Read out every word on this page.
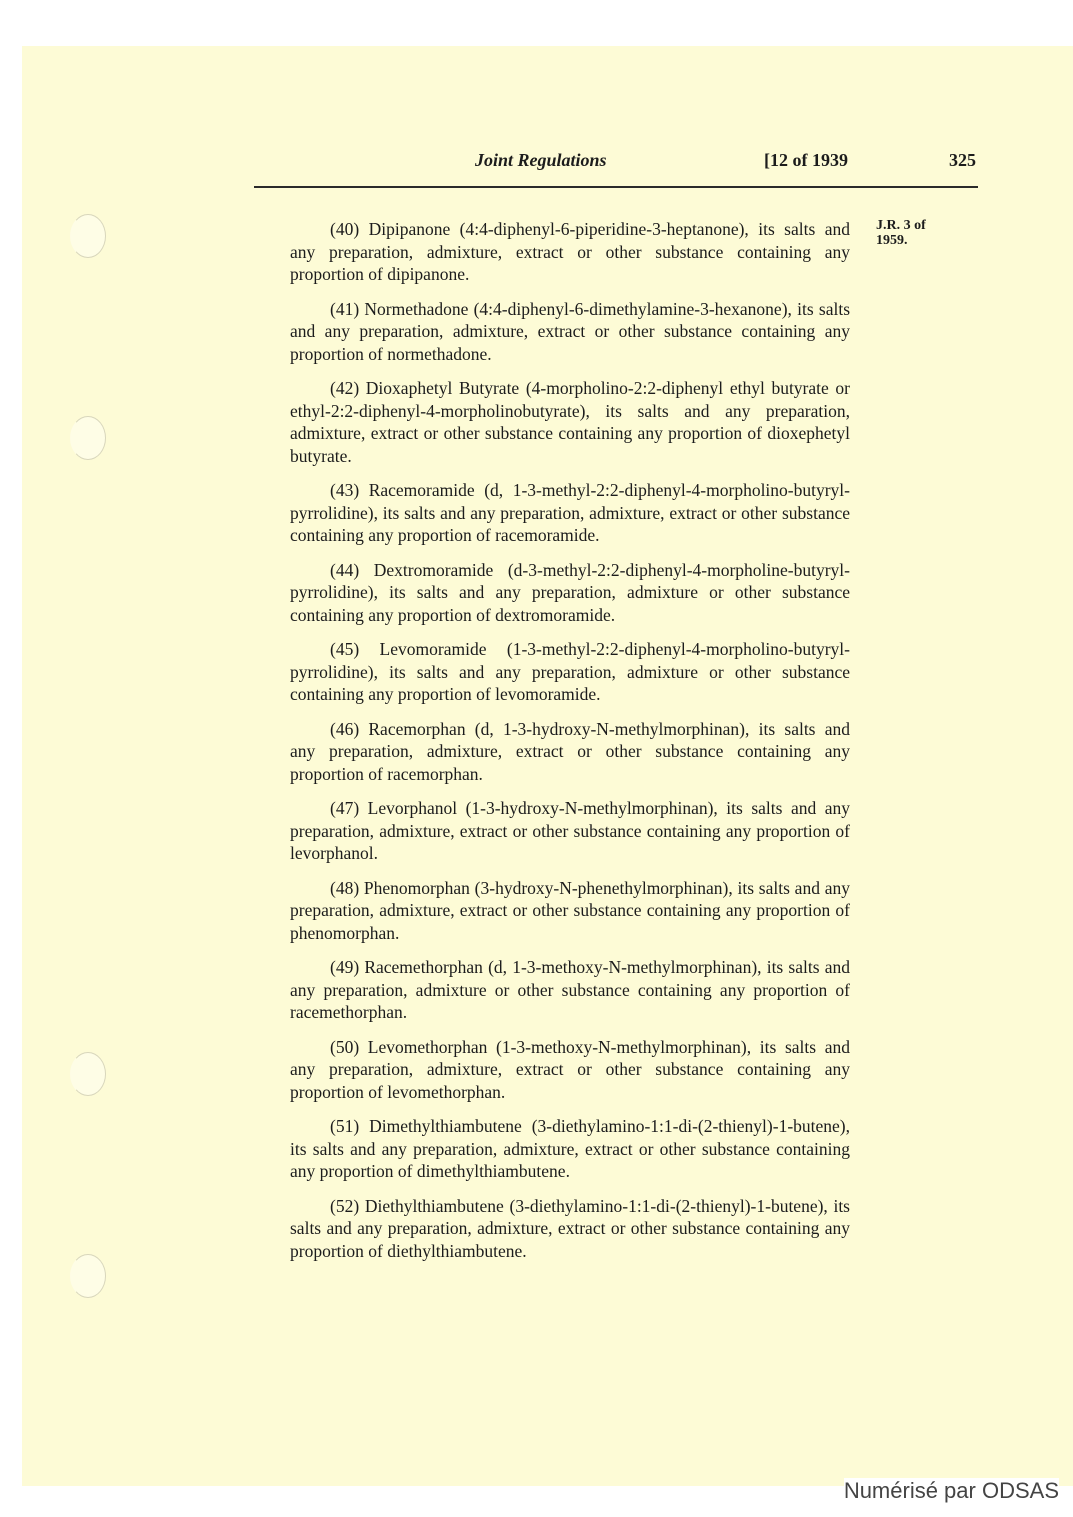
Joint Regulations	[12 of 1939	325
J.R. 3 of
1959.

(40) Dipipanone (4:4-diphenyl-6-piperidine-3-heptanone), its salts and any preparation, admixture, extract or other substance containing any proportion of dipipanone.

(41) Normethadone (4:4-diphenyl-6-dimethylamine-3-hexanone), its salts and any preparation, admixture, extract or other substance containing any proportion of normethadone.

(42) Dioxaphetyl Butyrate (4-morpholino-2:2-diphenyl ethyl butyrate or ethyl-2:2-diphenyl-4-morpholinobutyrate), its salts and any preparation, admixture, extract or other substance containing any proportion of dioxephetyl butyrate.

(43) Racemoramide (d, 1-3-methyl-2:2-diphenyl-4-morpholino-butyryl-pyrrolidine), its salts and any preparation, admixture, extract or other substance containing any proportion of racemoramide.

(44) Dextromoramide (d-3-methyl-2:2-diphenyl-4-morpholine-butyryl-pyrrolidine), its salts and any preparation, admixture or other substance containing any proportion of dextromoramide.

(45) Levomoramide (1-3-methyl-2:2-diphenyl-4-morpholino-butyryl-pyrrolidine), its salts and any preparation, admixture or other substance containing any proportion of levomoramide.

(46) Racemorphan (d, 1-3-hydroxy-N-methylmorphinan), its salts and any preparation, admixture, extract or other substance containing any proportion of racemorphan.

(47) Levorphanol (1-3-hydroxy-N-methylmorphinan), its salts and any preparation, admixture, extract or other substance containing any proportion of levorphanol.

(48) Phenomorphan (3-hydroxy-N-phenethylmorphinan), its salts and any preparation, admixture, extract or other substance containing any proportion of phenomorphan.

(49) Racemethorphan (d, 1-3-methoxy-N-methylmorphinan), its salts and any preparation, admixture or other substance containing any proportion of racemethorphan.

(50) Levomethorphan (1-3-methoxy-N-methylmorphinan), its salts and any preparation, admixture, extract or other substance containing any proportion of levomethorphan.

(51) Dimethylthiambutene (3-diethylamino-1:1-di-(2-thienyl)-1-butene), its salts and any preparation, admixture, extract or other substance containing any proportion of dimethylthiambutene.

(52) Diethylthiambutene (3-diethylamino-1:1-di-(2-thienyl)-1-butene), its salts and any preparation, admixture, extract or other substance containing any proportion of diethylthiambutene.

Numérisé par ODSAS
